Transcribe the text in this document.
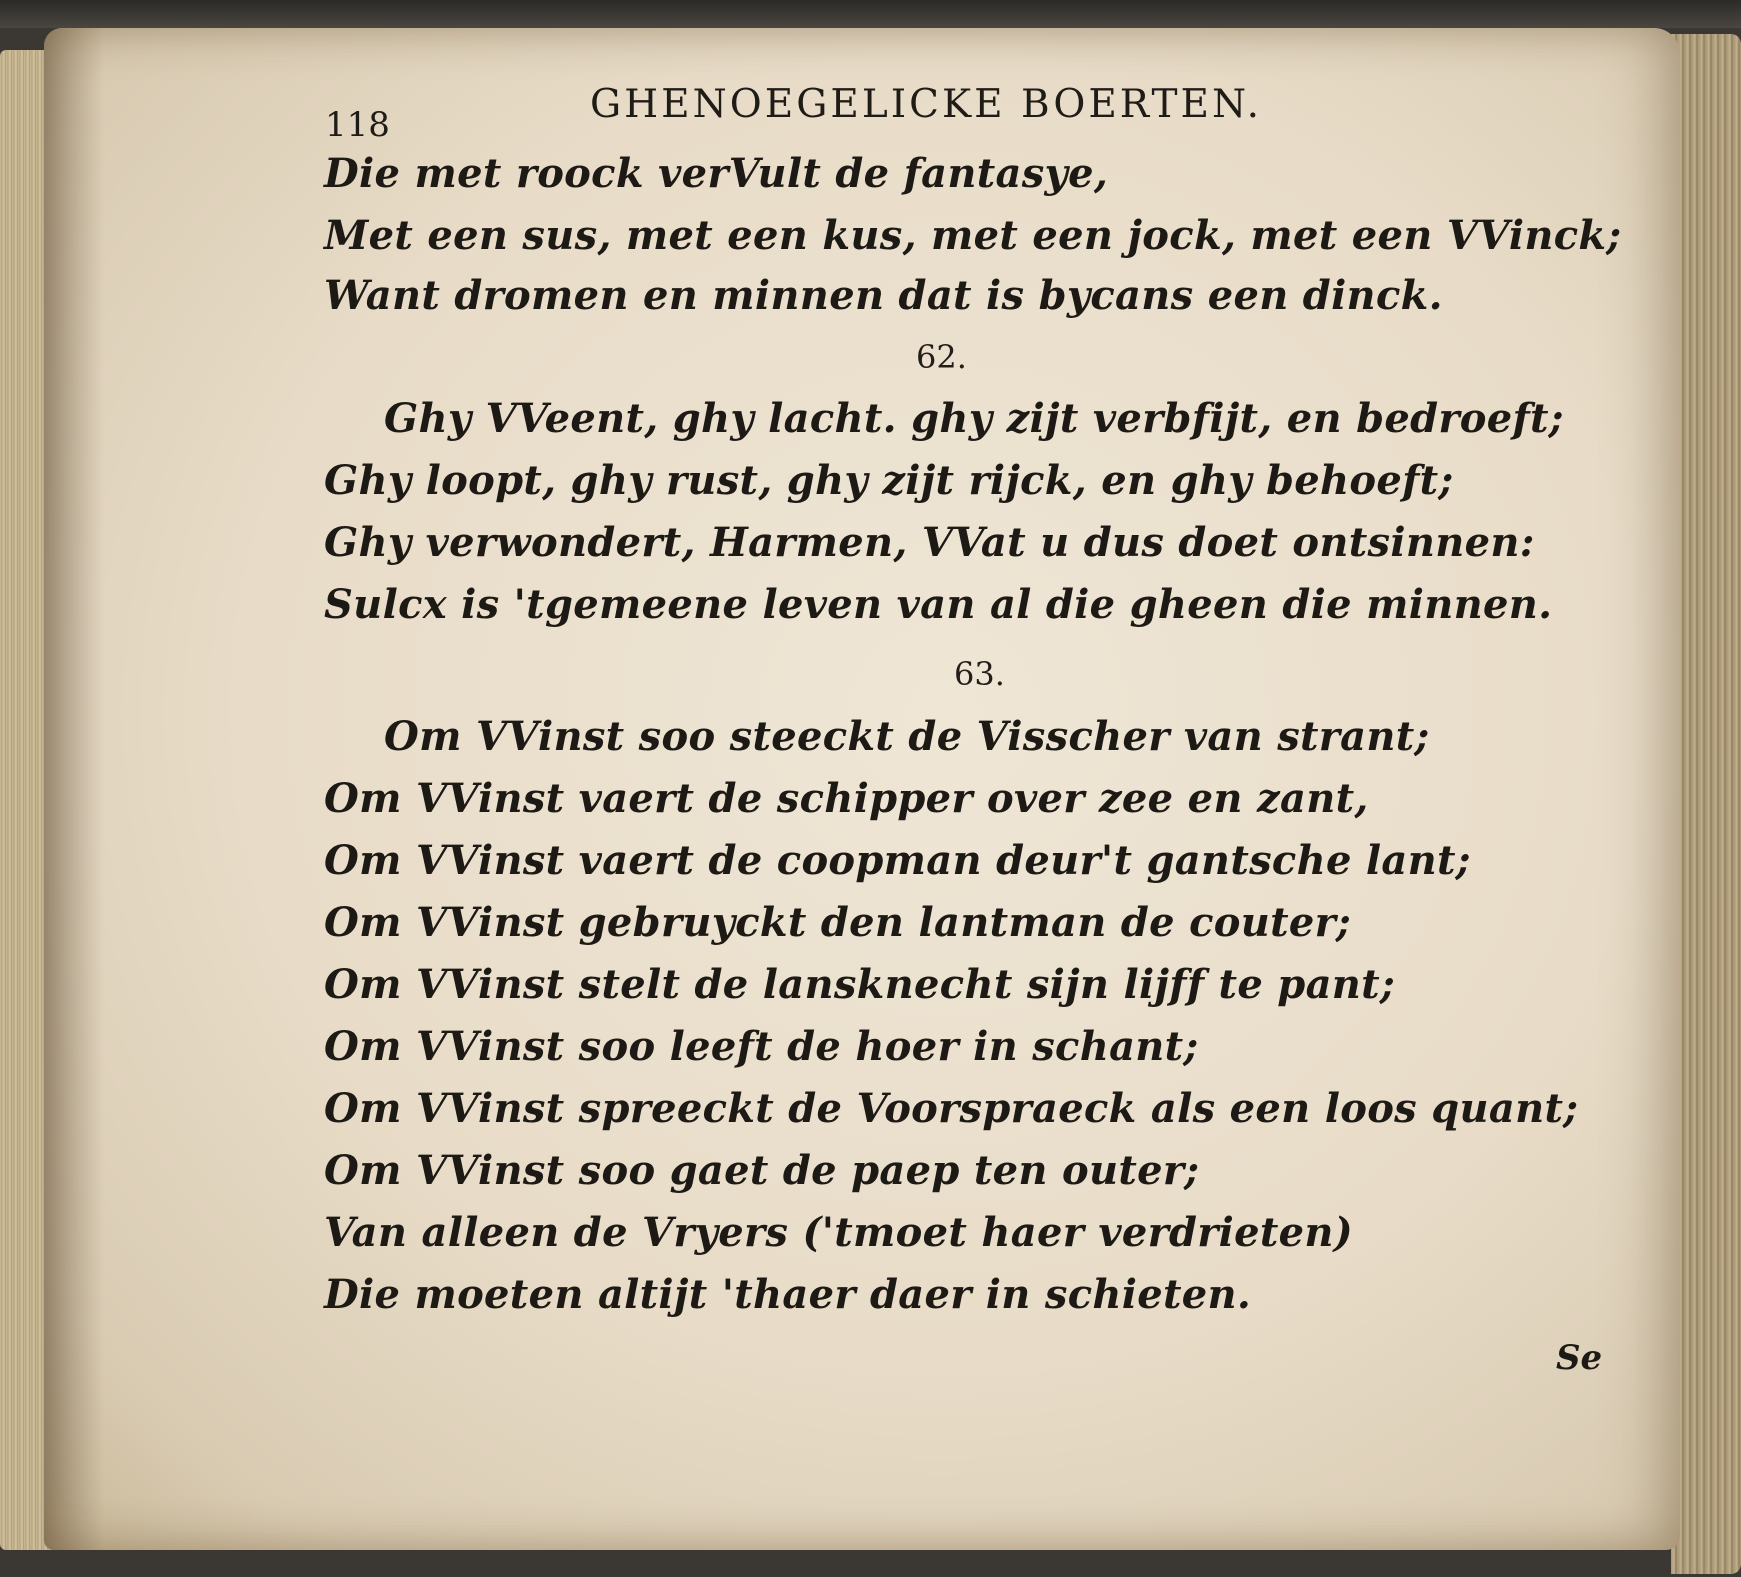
118	GHENOEGELICKE BOERTEN.
Die met roock verVult de fantasye,
Met een sus, met een kus, met een jock, met een VVinck;
Want dromen en minnen dat is bycans een dinck.
62.
Ghy VVeent, ghy lacht. ghy zijt verbfijt, en bedroeft;
Ghy loopt, ghy rust, ghy zijt rijck, en ghy behoeft;
Ghy verwondert, Harmen, VVat u dus doet ontsinnen:
Sulcx is 'tgemeene leven van al die gheen die minnen.
63.
Om VVinst soo steeckt de Visscher van strant;
Om VVinst vaert de schipper over zee en zant,
Om VVinst vaert de coopman deur't gantsche lant;
Om VVinst gebruyckt den lantman de couter;
Om VVinst stelt de lansknecht sijn lijff te pant;
Om VVinst soo leeft de hoer in schant;
Om VVinst spreeckt de Voorspraeck als een loos quant;
Om VVinst soo gaet de paep ten outer;
Van alleen de Vryers ('tmoet haer verdrieten)
Die moeten altijt 'thaer daer in schieten.
Se
